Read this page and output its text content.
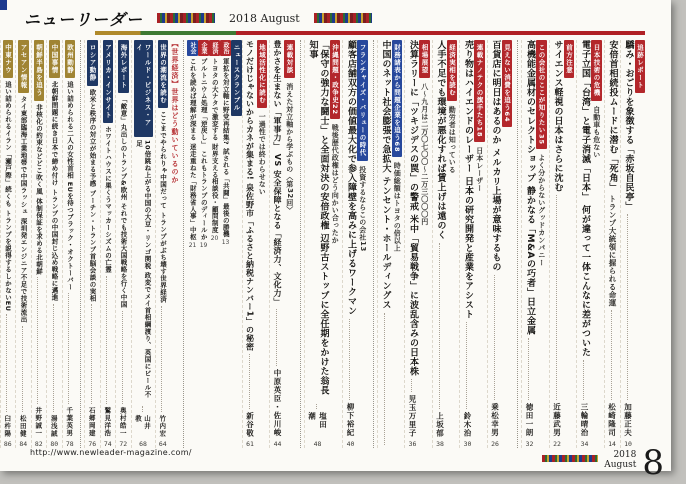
ニューリーダー	2018 August
追跡レポート
驕み・おごりを象徴する「赤坂自民亭」
加藤正夫
10
安倍首相続投ムードに潜む「死角」
トランプ大統領に握られる命運
松崎隆司
14
日本技術の危機
自動車も危ない
電子立国「台湾」と電子消滅「日本」 何が違って一体こんなに差がついた
三輪晴治
34
前方注意
サイエンス軽視の日本はさらに沈む
近藤武男
22
この会社のここが知りたい35
よく分からないグッドカンパニー
高機能金属材のセレクトショップ 静かなる「M&Aの巧者」日立金属
徳田一朗
32
見えない消費を追う64
百貨店に明日はあるのか メルカリ上場が意味するもの
乗松幸男
26
連載ナノテクの旗手たち18
日本レーザー
売り物はハイエンドのレーザー 日本の研究開発と産業をアシスト
鈴木治
30
経済実相を読む
勤労者は知っている
人手不足でも環境が悪化すれば賃上げは遠のく
上坂郁
38
相場展望
八〜九月は二万〇七〇〇〜二万三〇〇〇円
決算ラリーに「ツキジデスの罠」の警戒 米中「貿易戦争」に波乱含みの日本株
児玉万里子
36
財務諸表から問題企業を追う68
時価総額はトヨタの倍以上
中国のネット社会膨張で急拡大 テンセント・ホールディングス
フランチャイズ・バリューの時代
投資するならこの会社13
顧客店舗双方の価値最大化で参入障壁を高みに上げるワークマン
柳下裕紀
40
沖縄問題・政争史22
戦後歴代政権はどう向かい合ったか
「保守の強力な闘士」と全面対決の安倍政権 辺野古ストップに全任期をかけた翁長知事
塩田潮
48
連載対談
消えた対立軸から学ぶもの〈第32回〉
豊かさを生まない「軍事力」 VS 安全保障となる「経済力、文化力」
中原英臣・佐川峻
44
地域活性化に読む
一過性では終わらせない
モノだけじゃないからカネが集まる! 泉佐野市「ふるさと納税ナンバー1」の秘密
新谷敬
61
ニュースクランブル
政治
軍拡を対立軸に野党再結集? 試される「共闘」最後の勝機
13
経済
トヨタの大ナタで激変する 財界支える相談役・顧問制度
20
企業
プルトニウム処理「逆戻し」 これもトランプのディールか
19
社会
これを読めば理解が深まる 迷走重ねた「財務省人事」中枢
21
【世界経済】世界はどう動いているのか
世界の潮流を読む
ここまでやられりゃ中国だって トランプがぶち壊す世界経済
竹内宏
64
ワールド・ビジネス・アイ
10倍跳ね上がる中国の大豆・リンゴ関税 政変でメイ首相綱渡り、英国にビール不足
山井教
68
海外レポート
「敵意」丸出しのトランプ&欧州 それでも技術大国戦略を行く中国
奥村皓一
72
アメリカ・インサイト
ホワイトハウスに巣くうマッカーシズムの亡霊
鷲見洋浩
74
ロシア動静
欧米と秩序の対立が始まる予感 プーチン・トランプ首脳会談の実相
石郷岡建
76
欧州動静
追い詰められる二人の女性首相 EUを待つブラック・オクトーバー
千葉英男
78
中国事情
北朝鮮問題に続き日本で締め付け トランプの中国封じ込め戦略に邁進
湯浅誠
80
朝鮮半島を追う
非核化の約束などどこ吹く風 体制保証を求める北朝鮮
井野誠一
82
アセアン情報
タイ東部臨海工業地帯で中国ラッシュ 深圳発エンジニア不足で技術流出
松田健
84
中東ナウ
追い詰められるイラン「瀬戸際」続くも トランプを説得するしかないEU
臼杵陽
86
http://www.newleader-magazine.com/	2018
August 8
